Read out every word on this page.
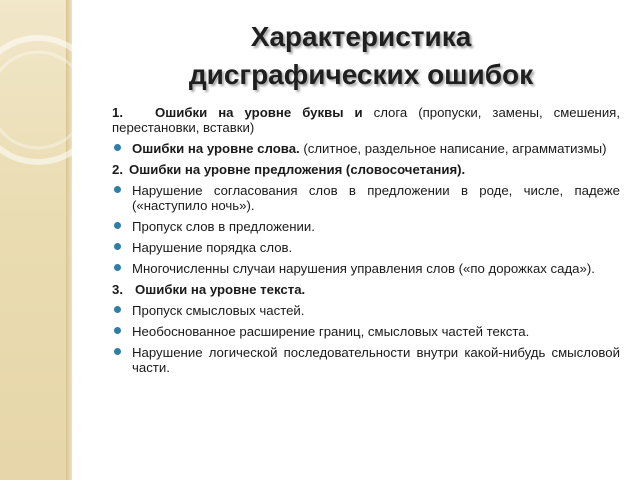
Характеристика
дисграфических ошибок
1. Ошибки на уровне буквы и слога (пропуски, замены, смешения, перестановки, вставки)
Ошибки на уровне слова. (слитное, раздельное написание, аграмматизмы)
2. Ошибки на уровне предложения (словосочетания).
Нарушение согласования слов в предложении в роде, числе, падеже («наступило ночь»).
Пропуск слов в предложении.
Нарушение порядка слов.
Многочисленны случаи нарушения управления слов («по дорожках сада»).
3. Ошибки на уровне текста.
Пропуск смысловых частей.
Необоснованное расширение границ, смысловых частей текста.
Нарушение логической последовательности внутри какой-нибудь смысловой части.
